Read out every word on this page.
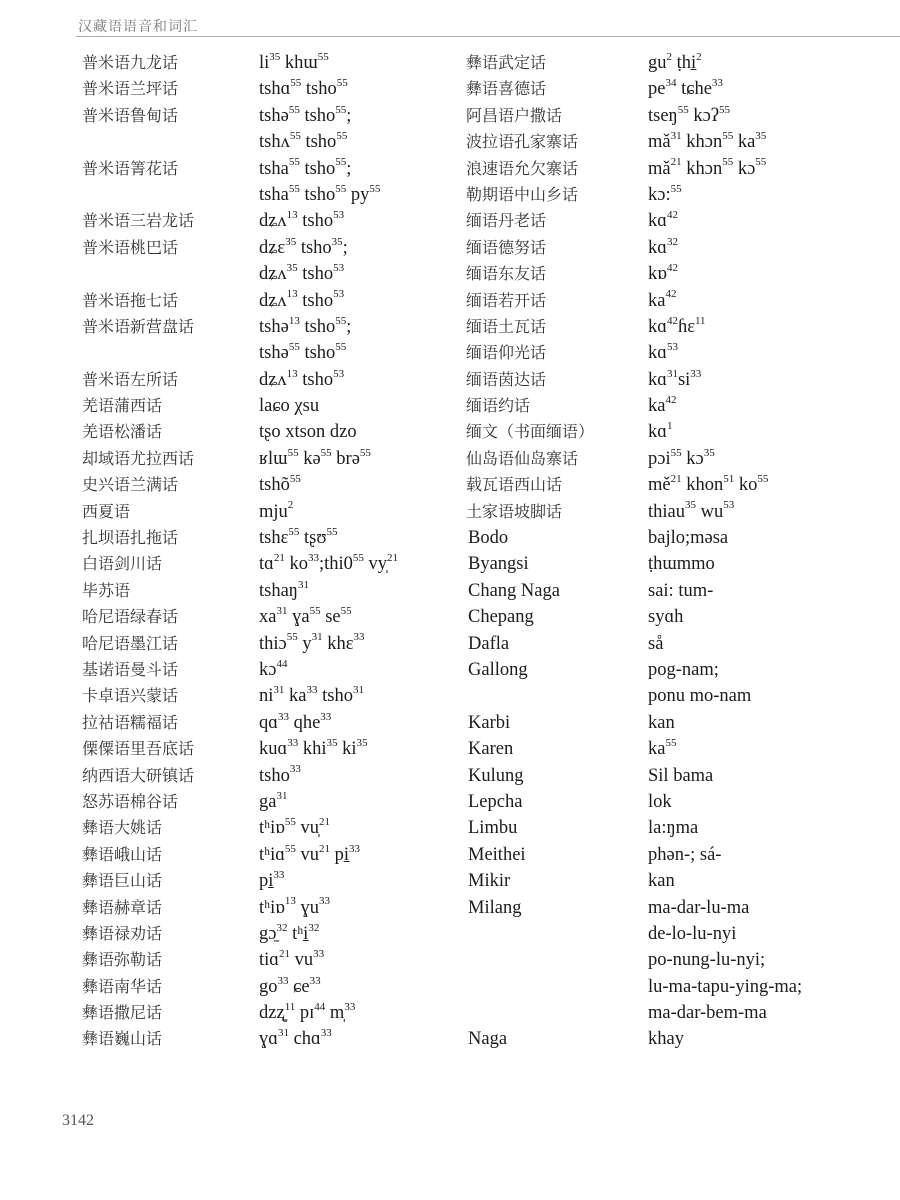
汉藏语语音和词汇
普米语九龙话
普米语兰坪话
普米语鲁甸话
普米语箐花话
普米语三岩龙话
普米语桃巴话
普米语拖七话
普米语新营盘话
普米语左所话
羌语蒲西话
羌语松潘话
却域语尤拉西话
史兴语兰满话
西夏语
扎坝语扎拖话
白语剑川话
毕苏语
哈尼语绿春话
哈尼语墨江话
基诺语曼斗话
卡卓语兴蒙话
拉祜语糯福话
傈僳语里吾底话
纳西语大研镇话
怒苏语棉谷话
彝语大姚话
彝语峨山话
彝语巨山话
彝语赫章话
彝语禄劝话
彝语弥勒话
彝语南华话
彝语撒尼话
彝语巍山话
$li^{35}$ khɯ$^{55}$
tshɑ$^{55}$ tsho$^{55}$
tshə$^{55}$ tsho$^{55}$;
tshʌ$^{55}$ tsho$^{55}$
tsha$^{55}$ tsho$^{55}$;
tsha$^{55}$ tsho$^{55}$ $py^{55}$
dʑʌ$^{13}$ tsho$^{53}$
dʑɛ$^{35}$ tsho$^{35}$;
dʑʌ$^{35}$ tsho$^{53}$
dʑʌ$^{13}$ tsho$^{53}$
tshə$^{13}$ tsho$^{55}$;
tshə$^{55}$ tsho$^{55}$
dʑʌ$^{13}$ tsho$^{53}$
laɕo χsu
tʂo xtson dzo
ʁlɯ$^{55}$ kə$^{55}$ brə$^{55}$
tshõ$^{55}$
mju$^2$
tshɛ$^{55}$ tʂʊ$^{55}$
tɑ$^{21}$ $ko^{33};thi0^{55}$ vy̩$^{21}$
tshaŋ$^{31}$
$xa^{31}$ ɣa$^{55}$ $se^{55}$
thiɔ$^{55}$ $y^{31}$ khɛ$^{33}$
kɔ$^{44}$
$ni^{31}$ $ka^{33}$ tsho$^{31}$
qɑ$^{33}$ qhe$^{33}$
kuɑ$^{33}$ khi$^{35}$ $ki^{35}$
tsho$^{33}$
$ga^{31}$
tʰiɒ$^{55}$ vu̩$^{21}$
tʰiɑ$^{55}$ $vu^{21}$ pi̠$^{33}$
pi̠$^{33}$
tʰiɒ$^{13}$ ɣu$^{33}$
gɔ̠$^{32}$ tʰi̠$^{32}$
tiɑ$^{21}$ $vu^{33}$
$go^{33}$ ɕe$^{33}$
dzʐ̠$^{11}$ pɪ$^{44}$ m̩$^{33}$
ɣɑ$^{31}$ chɑ$^{33}$
彝语武定话
彝语喜德话
阿昌语户撒话
波拉语孔家寨话
浪速语允欠寨话
勒期语中山乡话
缅语丹老话
缅语德努话
缅语东友话
缅语若开话
缅语土瓦话
缅语仰光话
缅语茵达话
缅语约话
缅文（书面缅语）
仙岛语仙岛寨话
载瓦语西山话
土家语坡脚话
Bodo
Byangsi
Chang Naga
Chepang
Dafla
Gallong
Karbi
Karen
Kulung
Lepcha
Limbu
Meithei
Mikir
Milang
Naga
$gu^2$ ṭhi̠$^2$
$pe^{34}$ tɕhe$^{33}$
tseŋ$^{55}$ kɔʔ$^{55}$
$mǎ^{31}$ khɔn$^{55}$ $ka^{35}$
$mǎ^{21}$ khɔn$^{55}$ kɔ$^{55}$
kɔ:$^{55}$
kɑ$^{42}$
kɑ$^{32}$
kɒ$^{42}$
$ka^{42}$
kɑ$^{42}$ɦɛ$^{11}$
kɑ$^{53}$
$kɑ^{31}si^{33}$
$ka^{42}$
kɑ$^1$
pɔi$^{55}$ kɔ$^{35}$
$mě^{21}$ khon$^{51}$ $ko^{55}$
thiau$^{35}$ $wu^{53}$
bajlo;məsa
ṭhɯmmo
sai: tum-
syɑh
så
pog-nam;
ponu mo-nam
kan
$ka^{55}$
Sil bama
lok
la:ŋma
phən-; sá-
kan
ma-dar-lu-ma
de-lo-lu-nyi
po-nung-lu-nyi;
lu-ma-tapu-ying-ma;
ma-dar-bem-ma
khay
3142
